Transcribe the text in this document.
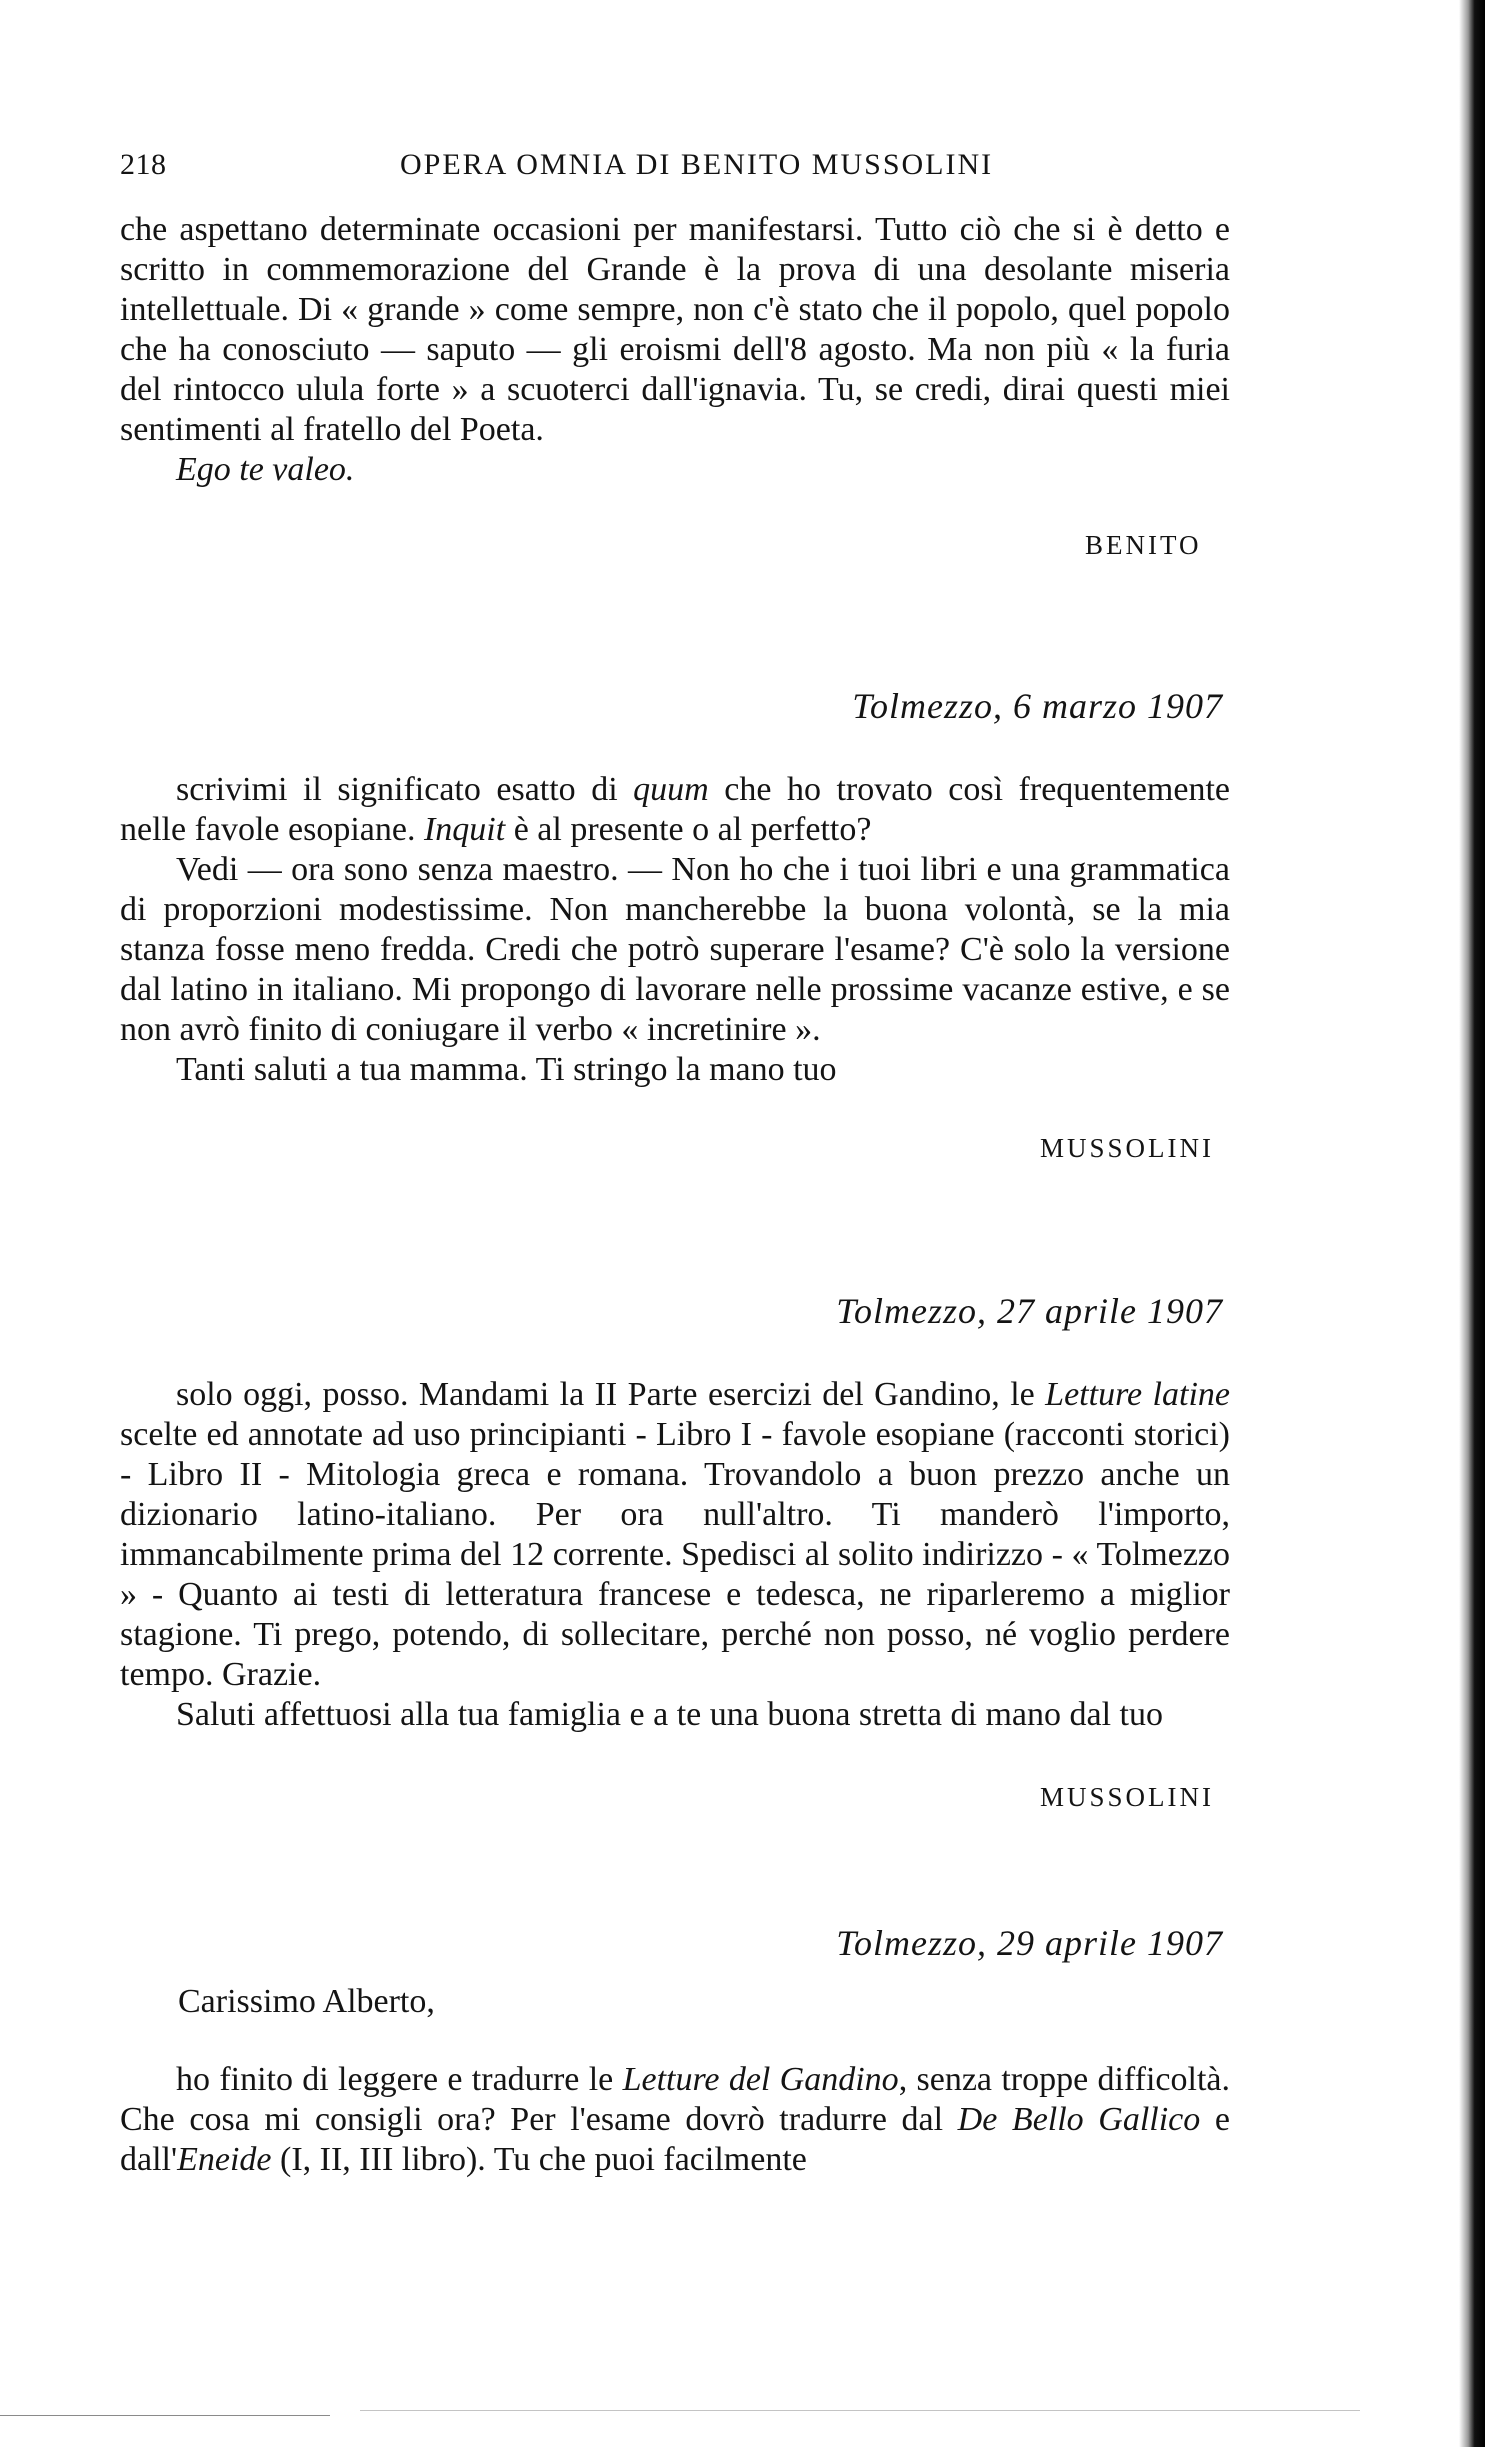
218	OPERA OMNIA DI BENITO MUSSOLINI

che aspettano determinate occasioni per manifestarsi. Tutto ciò che si è detto e scritto in commemorazione del Grande è la prova di una desolante miseria intellettuale. Di « grande » come sempre, non c'è stato che il popolo, quel popolo che ha conosciuto — saputo — gli eroismi dell'8 agosto. Ma non più « la furia del rintocco ulula forte » a scuoterci dall'ignavia. Tu, se credi, dirai questi miei sentimenti al fratello del Poeta.

Ego te valeo.

BENITO
Tolmezzo, 6 marzo 1907

scrivimi il significato esatto di quum che ho trovato così frequentemente nelle favole esopiane. Inquit è al presente o al perfetto?

Vedi — ora sono senza maestro. — Non ho che i tuoi libri e una grammatica di proporzioni modestissime. Non mancherebbe la buona volontà, se la mia stanza fosse meno fredda. Credi che potrò superare l'esame? C'è solo la versione dal latino in italiano. Mi propongo di lavorare nelle prossime vacanze estive, e se non avrò finito di coniugare il verbo « incretinire ».

Tanti saluti a tua mamma. Ti stringo la mano tuo

MUSSOLINI
Tolmezzo, 27 aprile 1907

solo oggi, posso. Mandami la II Parte esercizi del Gandino, le Letture latine scelte ed annotate ad uso principianti - Libro I - favole esopiane (racconti storici) - Libro II - Mitologia greca e romana. Trovandolo a buon prezzo anche un dizionario latino-italiano. Per ora null'altro. Ti manderò l'importo, immancabilmente prima del 12 corrente. Spedisci al solito indirizzo - « Tolmezzo » - Quanto ai testi di letteratura francese e tedesca, ne riparleremo a miglior stagione. Ti prego, potendo, di sollecitare, perché non posso, né voglio perdere tempo. Grazie.

Saluti affettuosi alla tua famiglia e a te una buona stretta di mano dal tuo

MUSSOLINI
Tolmezzo, 29 aprile 1907
Carissimo Alberto,

ho finito di leggere e tradurre le Letture del Gandino, senza troppe difficoltà. Che cosa mi consigli ora? Per l'esame dovrò tradurre dal De Bello Gallico e dall'Eneide (I, II, III libro). Tu che puoi facilmente
